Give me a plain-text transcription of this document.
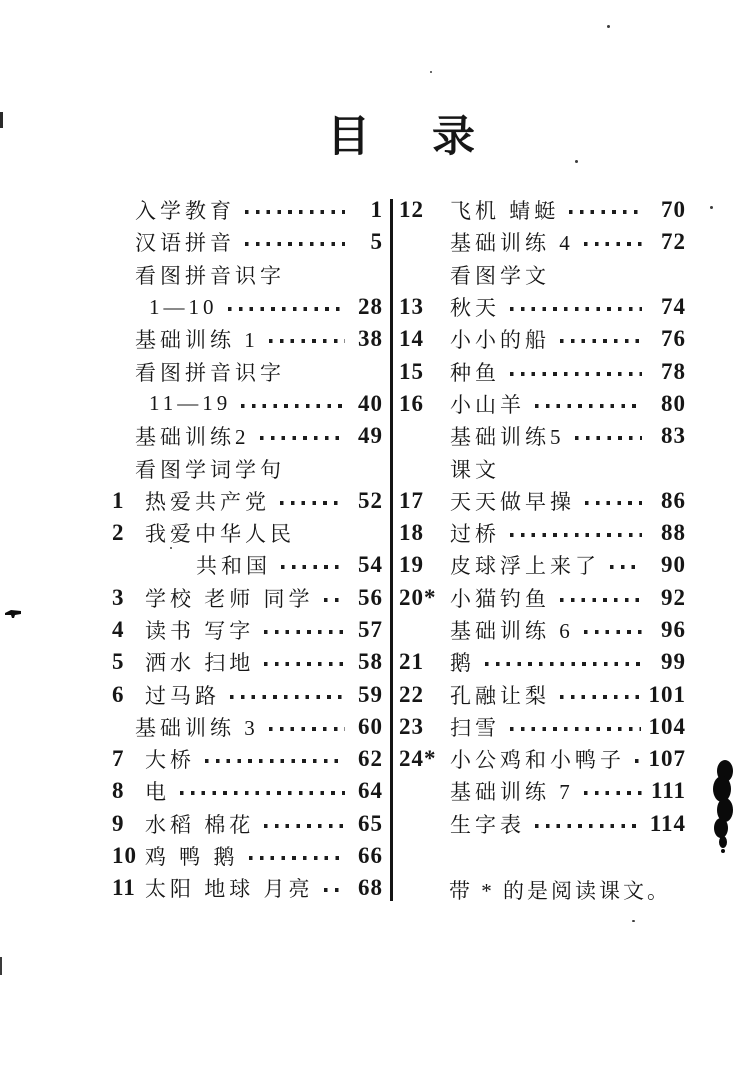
目 录
入学教育	1
汉语拼音	5
看图拼音识字
1—10	28
基础训练 1	38
看图拼音识字
11—19	40
基础训练2	49
看图学词学句
1 热爱共产党	52
2 我爱中华人民
共和国	54
3 学校 老师 同学 56
4 读书 写字	57
5 洒水 扫地	58
6 过马路	59
基础训练 3	60
7 大桥	62
8 电	64
9 水稻 棉花	65
10 鸡 鸭 鹅	66
11 太阳 地球 月亮 68
12	飞机 蜻蜓	70
基础训练 4	72
看图学文
13	秋天	74
14	小小的船	76
15	种鱼	78
16	小山羊	80
基础训练5	83
课文
17	天天做早操	86
18	过桥	88
19	皮球浮上来了	90
20* 小猫钓鱼	92
基础训练 6	96
21	鹅	99
22	孔融让梨	101
23	扫雪	104
24* 小公鸡和小鸭子 107
基础训练 7	111
生字表	114
带 * 的是阅读课文。
